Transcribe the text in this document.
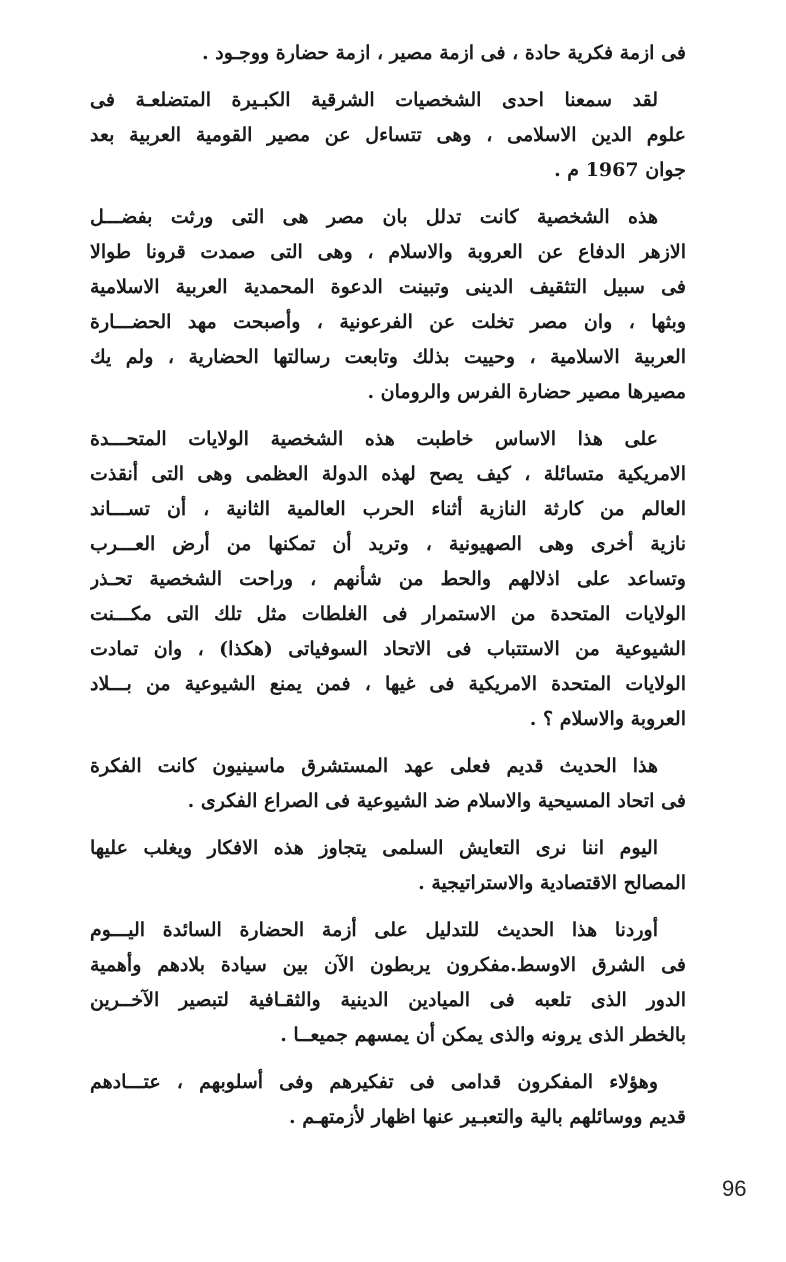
فى ازمة فكرية حادة ، فى ازمة مصير ، ازمة حضارة ووجـود .
لقد سمعنا احدى الشخصيات الشرقية الكبـيرة المتضلعـة فى
علوم الدين الاسلامى ، وهى تتساءل عن مصير القومية العربية بعد
جوان 1967 م .
هذه الشخصية كانت تدلل بان مصر هى التى ورثت بفضـــل
الازهر الدفاع عن العروبة والاسلام ، وهى التى صمدت قرونا طوالا
فى سبيل التثقيف الدينى وتبينت الدعوة المحمدية العربية الاسلامية
وبثها ، وان مصر تخلت عن الفرعونية ، وأصبحت مهد الحضـــارة
العربية الاسلامية ، وحييت بذلك وتابعت رسالتها الحضارية ، ولم يك
مصيرها مصير حضارة الفرس والرومان .
على هذا الاساس خاطبت هذه الشخصية الولايات المتحـــدة
الامريكية متسائلة ، كيف يصح لهذه الدولة العظمى وهى التى أنقذت
العالم من كارثة النازية أثناء الحرب العالمية الثانية ، أن تســـاند
نازية أخرى وهى الصهيونية ، وتريد أن تمكنها من أرض العـــرب
وتساعد على اذلالهم والحط من شأنهم ، وراحت الشخصية تحـذر
الولايات المتحدة من الاستمرار فى الغلطات مثل تلك التى مكـــنت
الشيوعية من الاستتباب فى الاتحاد السوفياتى (هكذا) ، وان تمادت
الولايات المتحدة الامريكية فى غيها ، فمن يمنع الشيوعية من بـــلاد
العروبة والاسلام ؟ .
هذا الحديث قديم فعلى عهد المستشرق ماسينيون كانت الفكرة
فى اتحاد المسيحية والاسلام ضد الشيوعية فى الصراع الفكرى .
اليوم اننا نرى التعايش السلمى يتجاوز هذه الافكار ويغلب عليها
المصالح الاقتصادية والاستراتيجية .
أوردنا هذا الحديث للتدليل على أزمة الحضارة السائدة اليـــوم
فى الشرق الاوسط.مفكرون يربطون الآن بين سيادة بلادهم وأهمية
الدور الذى تلعبه فى الميادين الدينية والثقـافية لتبصير الآخــرين
بالخطر الذى يرونه والذى يمكن أن يمسهم جميعــا .
وهؤلاء المفكرون قدامى فى تفكيرهم وفى أسلوبهم ، عتـــادهم
قديم ووسائلهم بالية والتعبـير عنها اظهار لأزمتهـم .
96
